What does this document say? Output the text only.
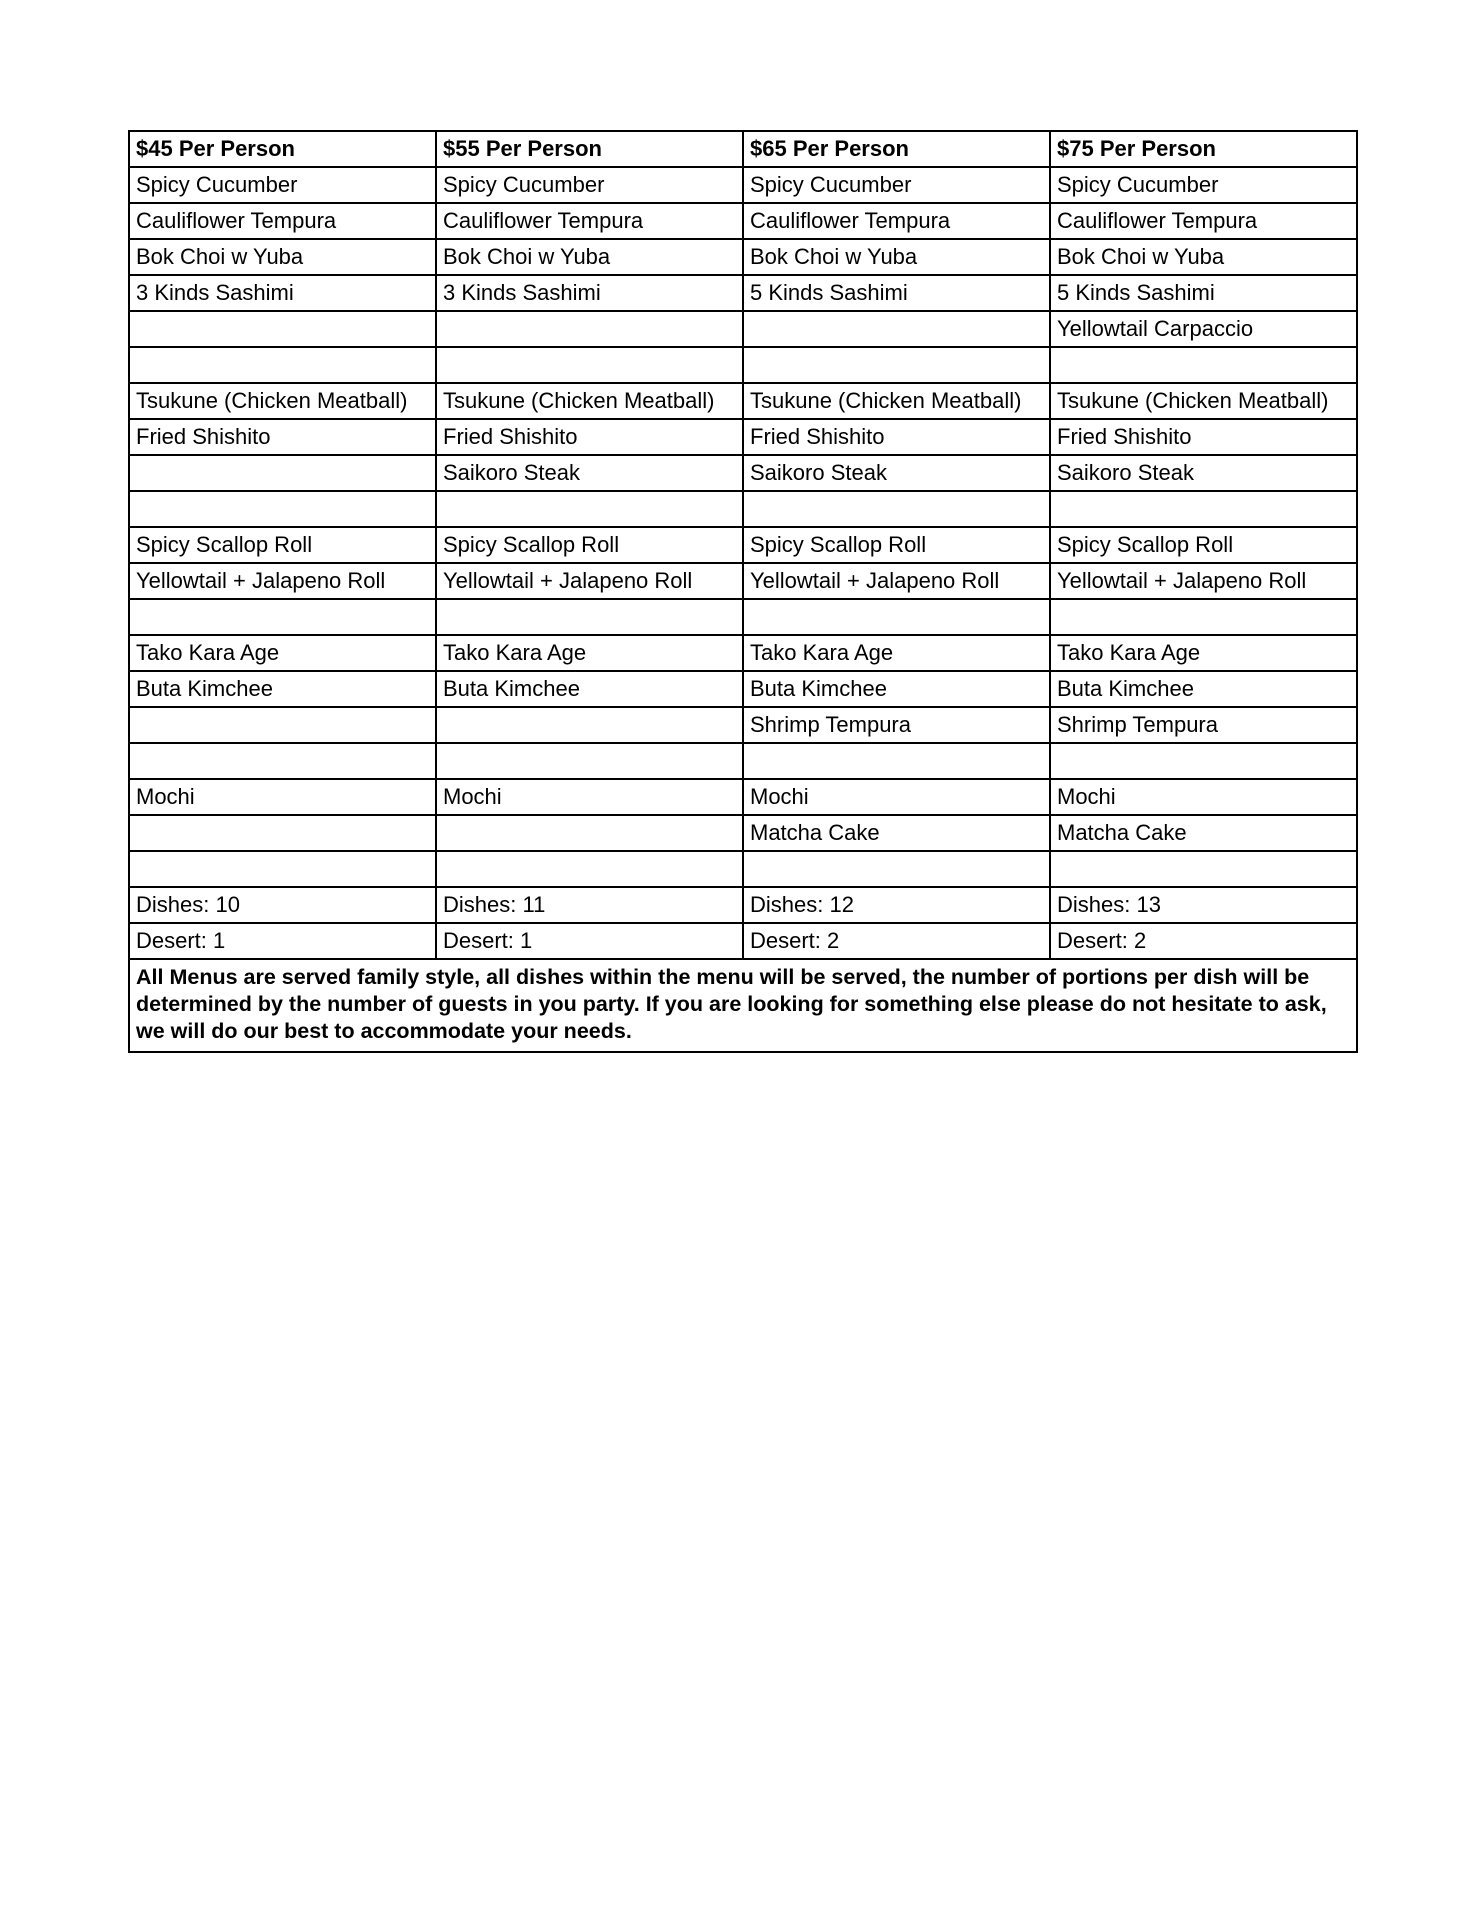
$45 Per Person	$55 Per Person	$65 Per Person	$75 Per Person
Spicy Cucumber	Spicy Cucumber	Spicy Cucumber	Spicy Cucumber
Cauliflower Tempura	Cauliflower Tempura	Cauliflower Tempura	Cauliflower Tempura
Bok Choi w Yuba	Bok Choi w Yuba	Bok Choi w Yuba	Bok Choi w Yuba
3 Kinds Sashimi	3 Kinds Sashimi	5 Kinds Sashimi	5 Kinds Sashimi
			Yellowtail Carpaccio

Tsukune (Chicken Meatball)	Tsukune (Chicken Meatball)	Tsukune (Chicken Meatball)	Tsukune (Chicken Meatball)
Fried Shishito	Fried Shishito	Fried Shishito	Fried Shishito
	Saikoro Steak	Saikoro Steak	Saikoro Steak

Spicy Scallop Roll	Spicy Scallop Roll	Spicy Scallop Roll	Spicy Scallop Roll
Yellowtail + Jalapeno Roll	Yellowtail + Jalapeno Roll	Yellowtail + Jalapeno Roll	Yellowtail + Jalapeno Roll

Tako Kara Age	Tako Kara Age	Tako Kara Age	Tako Kara Age
Buta Kimchee	Buta Kimchee	Buta Kimchee	Buta Kimchee
		Shrimp Tempura	Shrimp Tempura

Mochi	Mochi	Mochi	Mochi
		Matcha Cake	Matcha Cake

Dishes: 10	Dishes: 11	Dishes: 12	Dishes: 13
Desert: 1	Desert: 1	Desert: 2	Desert: 2
All Menus are served family style, all dishes within the menu will be served, the number of portions per dish will be determined by the number of guests in you party. If you are looking for something else please do not hesitate to ask, we will do our best to accommodate your needs.			
